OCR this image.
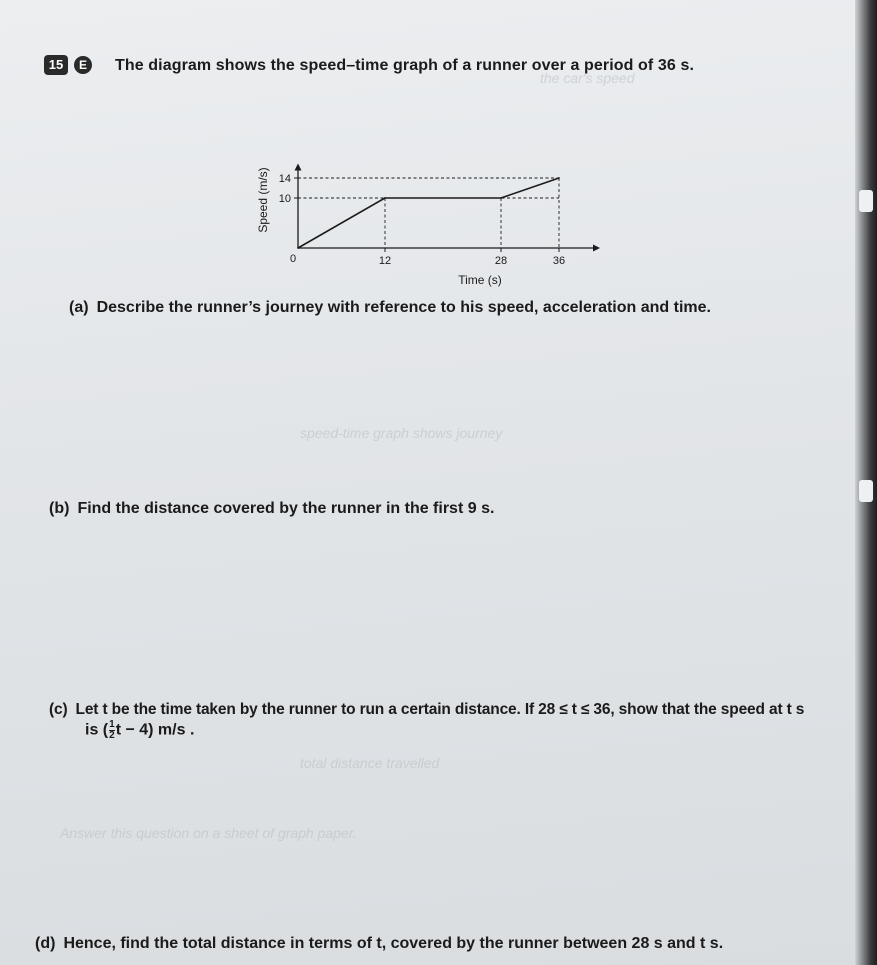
the car's speed
speed-time graph shows journey
total distance travelled
Answer this question on a sheet of graph paper.
15	E	The diagram shows the speed–time graph of a runner over a period of 36 s.
Speed (m/s)
Time (s)
14
10
0	12	28	36
(a) Describe the runner’s journey with reference to his speed, acceleration and time.
(b) Find the distance covered by the runner in the first 9 s.
(c) Let t be the time taken by the runner to run a certain distance. If 28 ≤ t ≤ 36, show that the speed at t s
is ( $\frac{1}{2}$ t − 4) m/s .
(d) Hence, find the total distance in terms of t, covered by the runner between 28 s and t s.
